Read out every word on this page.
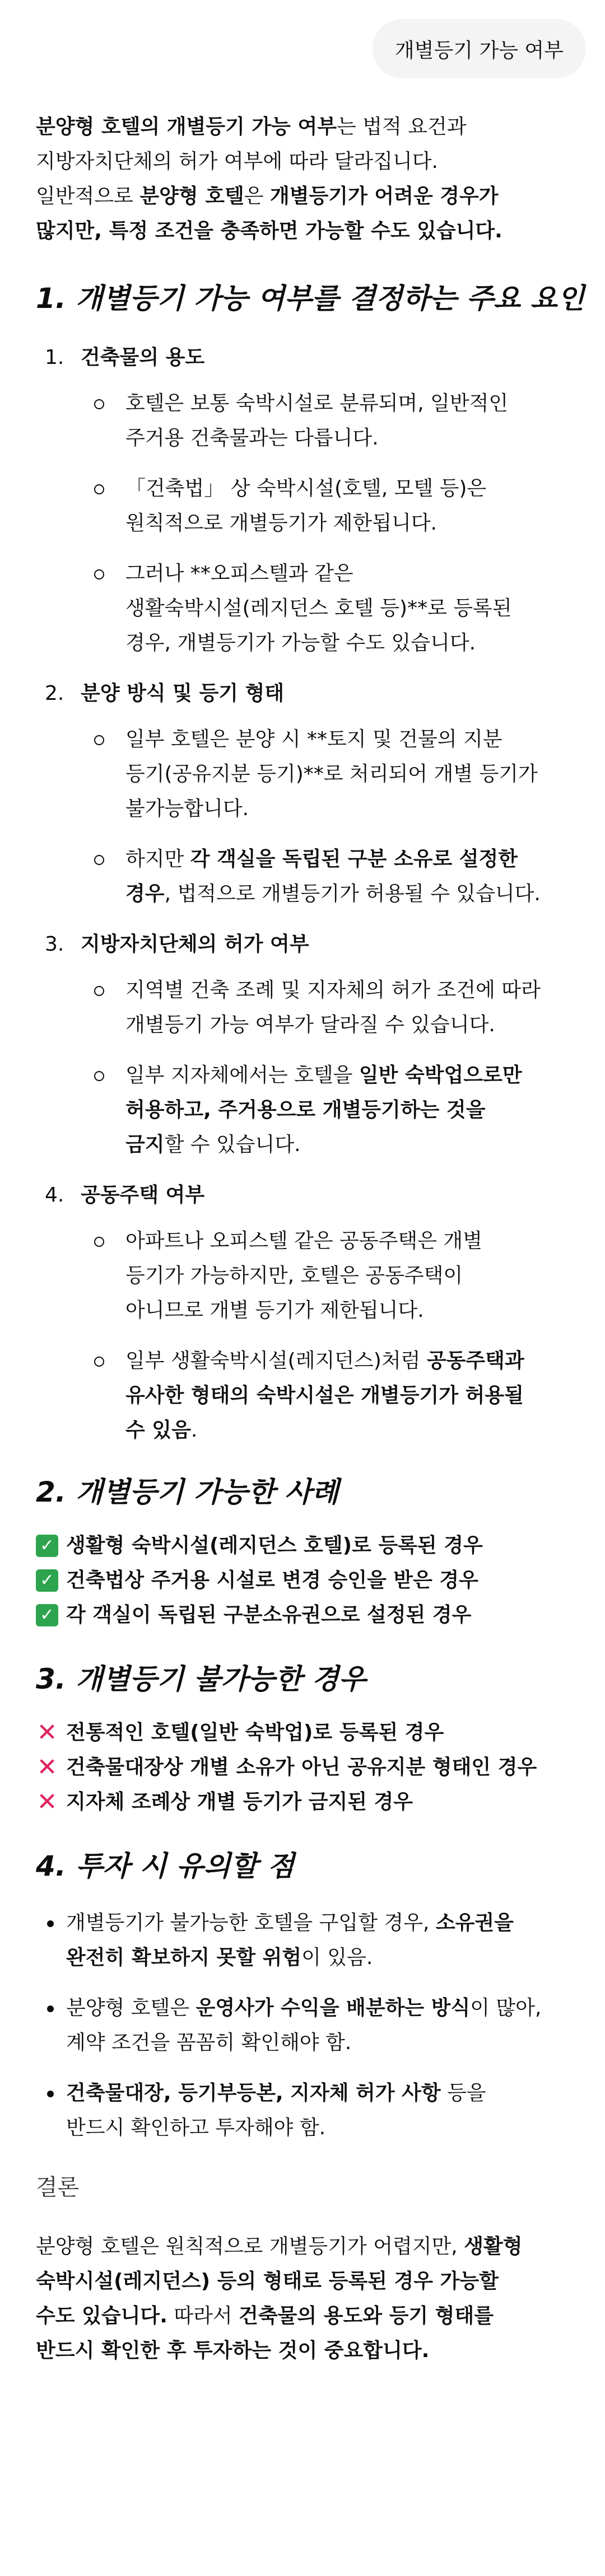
개별등기 가능 여부

분양형 호텔의 개별등기 가능 여부는 법적 요건과
지방자치단체의 허가 여부에 따라 달라집니다.
일반적으로 분양형 호텔은 개별등기가 어려운 경우가
많지만, 특정 조건을 충족하면 가능할 수도 있습니다.

1. 개별등기 가능 여부를 결정하는 주요 요인
1. 건축물의 용도
호텔은 보통 숙박시설로 분류되며, 일반적인
주거용 건축물과는 다릅니다.
「건축법」 상 숙박시설(호텔, 모텔 등)은
원칙적으로 개별등기가 제한됩니다.
그러나 **오피스텔과 같은
생활숙박시설(레지던스 호텔 등)**로 등록된
경우, 개별등기가 가능할 수도 있습니다.
2. 분양 방식 및 등기 형태
일부 호텔은 분양 시 **토지 및 건물의 지분
등기(공유지분 등기)**로 처리되어 개별 등기가
불가능합니다.
하지만 각 객실을 독립된 구분 소유로 설정한
경우, 법적으로 개별등기가 허용될 수 있습니다.
3. 지방자치단체의 허가 여부
지역별 건축 조례 및 지자체의 허가 조건에 따라
개별등기 가능 여부가 달라질 수 있습니다.
일부 지자체에서는 호텔을 일반 숙박업으로만
허용하고, 주거용으로 개별등기하는 것을
금지할 수 있습니다.
4. 공동주택 여부
아파트나 오피스텔 같은 공동주택은 개별
등기가 가능하지만, 호텔은 공동주택이
아니므로 개별 등기가 제한됩니다.
일부 생활숙박시설(레지던스)처럼 공동주택과
유사한 형태의 숙박시설은 개별등기가 허용될
수 있음.
2. 개별등기 가능한 사례
✓ 생활형 숙박시설(레지던스 호텔)로 등록된 경우
✓ 건축법상 주거용 시설로 변경 승인을 받은 경우
✓ 각 객실이 독립된 구분소유권으로 설정된 경우
3. 개별등기 불가능한 경우
✕ 전통적인 호텔(일반 숙박업)로 등록된 경우
✕ 건축물대장상 개별 소유가 아닌 공유지분 형태인 경우
✕ 지자체 조례상 개별 등기가 금지된 경우
4. 투자 시 유의할 점
개별등기가 불가능한 호텔을 구입할 경우, 소유권을
완전히 확보하지 못할 위험이 있음.
분양형 호텔은 운영사가 수익을 배분하는 방식이 많아,
계약 조건을 꼼꼼히 확인해야 함.
건축물대장, 등기부등본, 지자체 허가 사항 등을
반드시 확인하고 투자해야 함.

결론

분양형 호텔은 원칙적으로 개별등기가 어렵지만, 생활형
숙박시설(레지던스) 등의 형태로 등록된 경우 가능할
수도 있습니다. 따라서 건축물의 용도와 등기 형태를
반드시 확인한 후 투자하는 것이 중요합니다.
